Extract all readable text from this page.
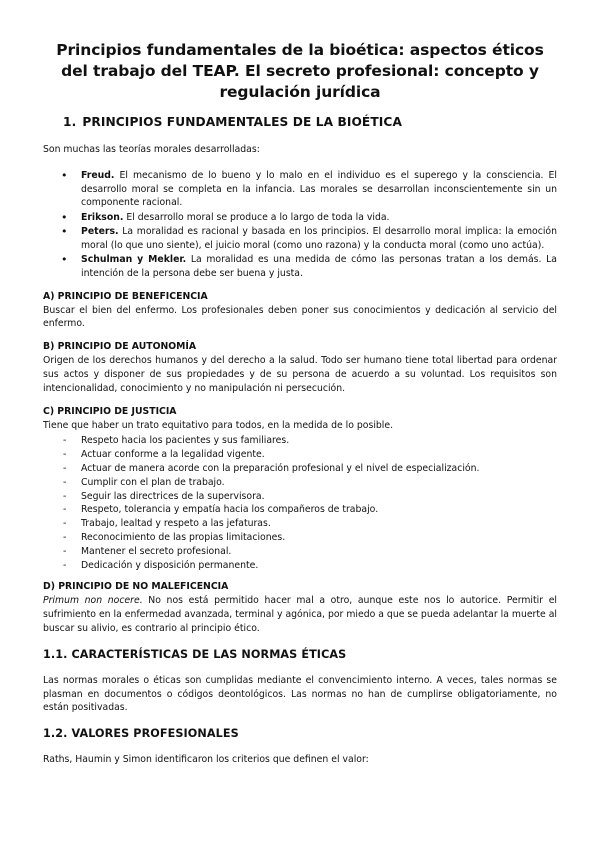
Principios fundamentales de la bioética: aspectos éticos del trabajo del TEAP. El secreto profesional: concepto y regulación jurídica
1. PRINCIPIOS FUNDAMENTALES DE LA BIOÉTICA

Son muchas las teorías morales desarrolladas:

• Freud. El mecanismo de lo bueno y lo malo en el individuo es el superego y la consciencia. El desarrollo moral se completa en la infancia. Las morales se desarrollan inconscientemente sin un componente racional.
• Erikson. El desarrollo moral se produce a lo largo de toda la vida.
• Peters. La moralidad es racional y basada en los principios. El desarrollo moral implica: la emoción moral (lo que uno siente), el juicio moral (como uno razona) y la conducta moral (como uno actúa).
• Schulman y Mekler. La moralidad es una medida de cómo las personas tratan a los demás. La intención de la persona debe ser buena y justa.
A) PRINCIPIO DE BENEFICENCIA

Buscar el bien del enfermo. Los profesionales deben poner sus conocimientos y dedicación al servicio del enfermo.

B) PRINCIPIO DE AUTONOMÍA

Origen de los derechos humanos y del derecho a la salud. Todo ser humano tiene total libertad para ordenar sus actos y disponer de sus propiedades y de su persona de acuerdo a su voluntad. Los requisitos son intencionalidad, conocimiento y no manipulación ni persecución.

C) PRINCIPIO DE JUSTICIA

Tiene que haber un trato equitativo para todos, en la medida de lo posible.

- Respeto hacia los pacientes y sus familiares.
- Actuar conforme a la legalidad vigente.
- Actuar de manera acorde con la preparación profesional y el nivel de especialización.
- Cumplir con el plan de trabajo.
- Seguir las directrices de la supervisora.
- Respeto, tolerancia y empatía hacia los compañeros de trabajo.
- Trabajo, lealtad y respeto a las jefaturas.
- Reconocimiento de las propias limitaciones.
- Mantener el secreto profesional.
- Dedicación y disposición permanente.
D) PRINCIPIO DE NO MALEFICENCIA

Primum non nocere. No nos está permitido hacer mal a otro, aunque este nos lo autorice. Permitir el sufrimiento en la enfermedad avanzada, terminal y agónica, por miedo a que se pueda adelantar la muerte al buscar su alivio, es contrario al principio ético.

1.1. CARACTERÍSTICAS DE LAS NORMAS ÉTICAS

Las normas morales o éticas son cumplidas mediante el convencimiento interno. A veces, tales normas se plasman en documentos o códigos deontológicos. Las normas no han de cumplirse obligatoriamente, no están positivadas.

1.2. VALORES PROFESIONALES

Raths, Haumin y Simon identificaron los criterios que definen el valor:
